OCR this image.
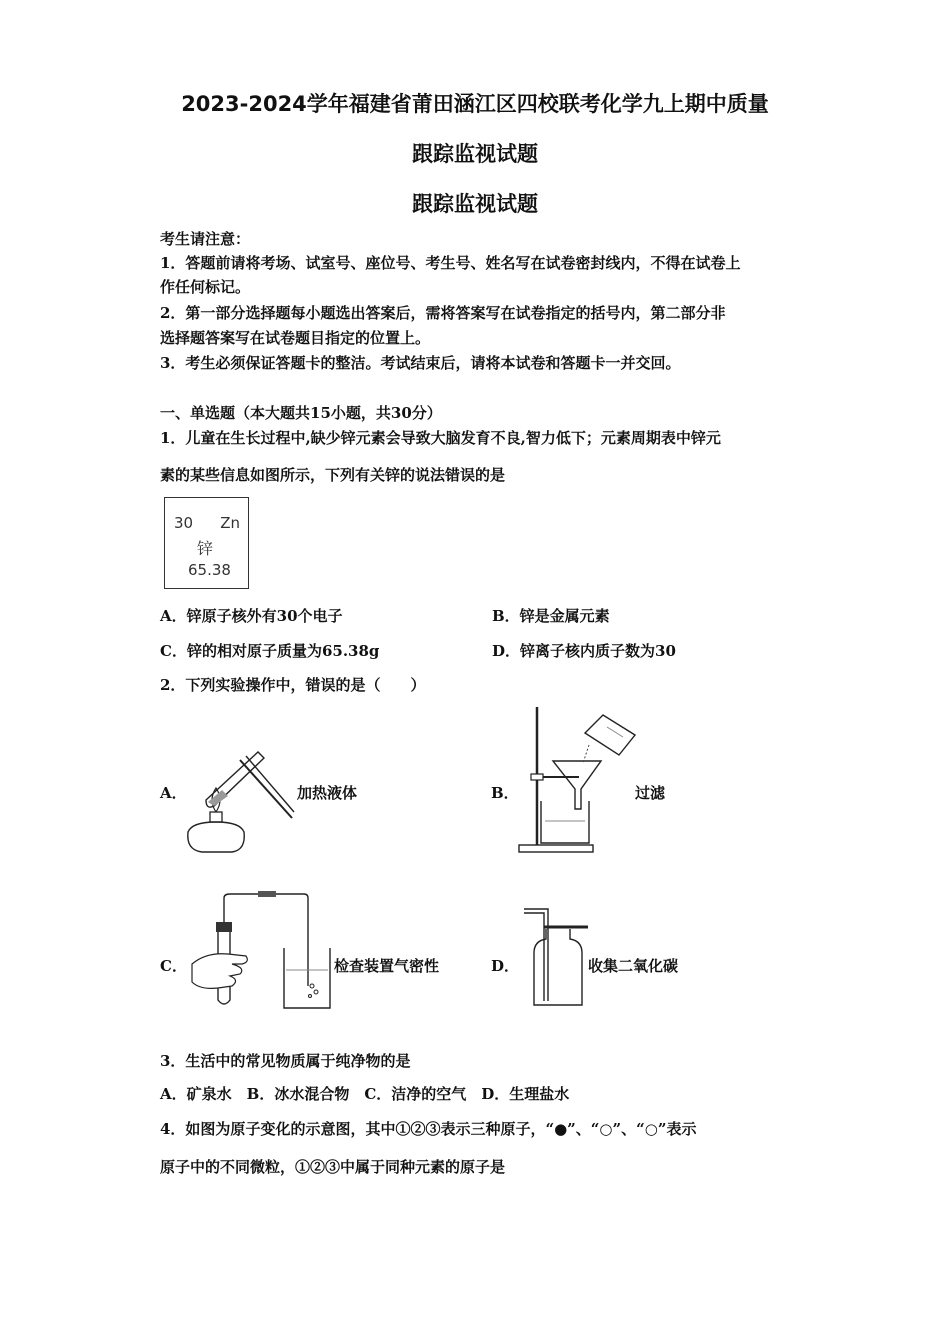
2023-2024学年福建省莆田涵江区四校联考化学九上期中质量
跟踪监视试题
跟踪监视试题
考生请注意：
1．答题前请将考场、试室号、座位号、考生号、姓名写在试卷密封线内，不得在试卷上
作任何标记。
2．第一部分选择题每小题选出答案后，需将答案写在试卷指定的括号内，第二部分非
选择题答案写在试卷题目指定的位置上。
3．考生必须保证答题卡的整洁。考试结束后，请将本试卷和答题卡一并交回。
一、单选题（本大题共15小题，共30分）
1．儿童在生长过程中,缺少锌元素会导致大脑发育不良,智力低下；元素周期表中锌元
素的某些信息如图所示，下列有关锌的说法错误的是
30 Zn
锌
65.38
A．锌原子核外有30个电子	B．锌是金属元素
C．锌的相对原子质量为65.38g	D．锌离子核内质子数为30
2．下列实验操作中，错误的是（　　）
A．	加热液体	B．	过滤
C．	检查装置气密性	D．	收集二氧化碳
3．生活中的常见物质属于纯净物的是
A．矿泉水　B．冰水混合物　C．洁净的空气　D．生理盐水
4．如图为原子变化的示意图，其中①②③表示三种原子，“●”、“○”、“○”表示
原子中的不同微粒，①②③中属于同种元素的原子是
